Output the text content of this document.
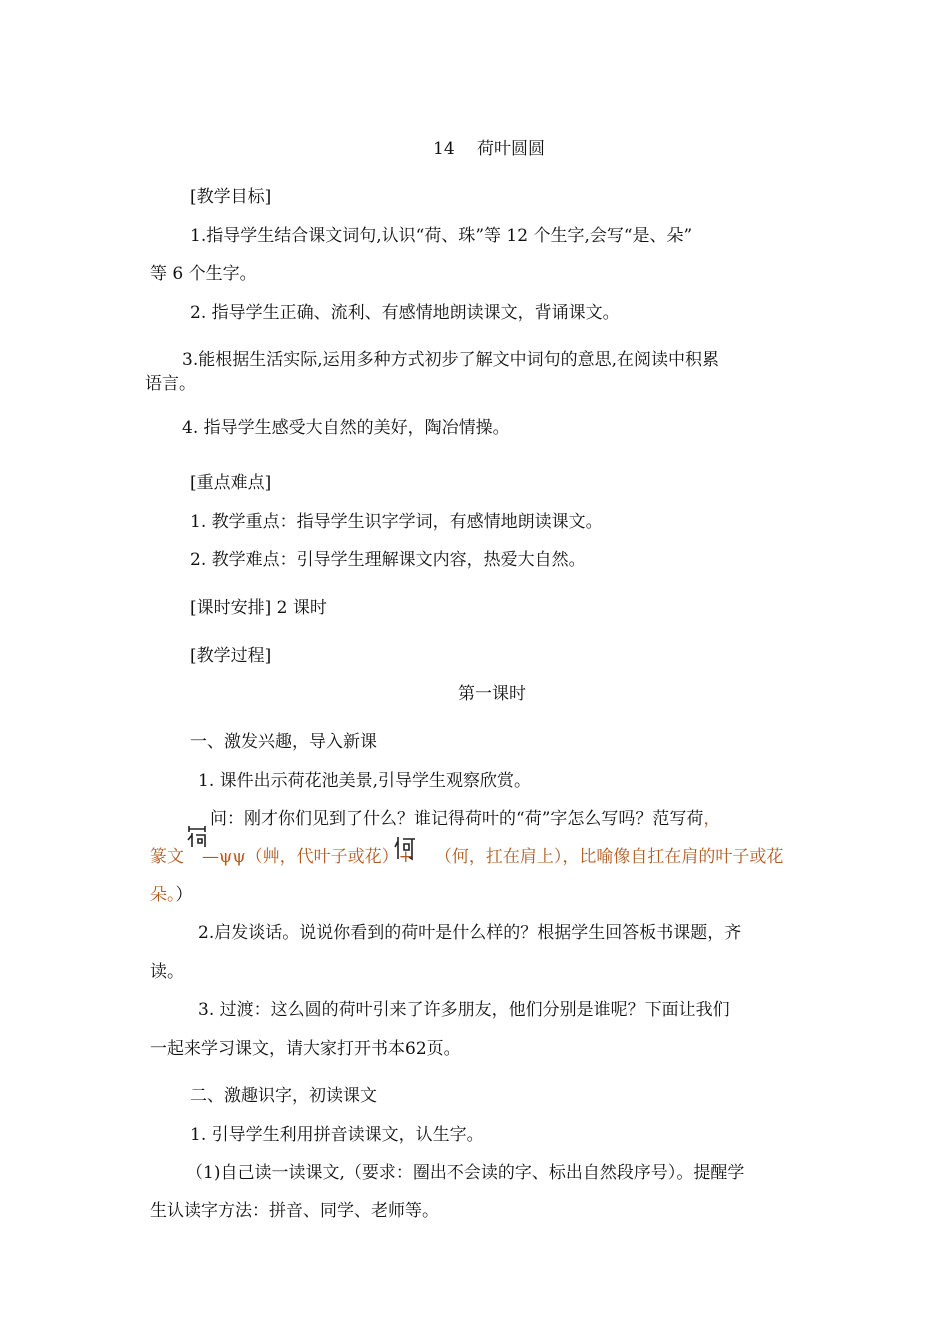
14　 荷叶圆圆
[教学目标]
1.指导学生结合课文词句,认识“荷、珠”等 12 个生字,会写“是、朵”
等 6 个生字。
2. 指导学生正确、流利、有感情地朗读课文，背诵课文。
3.能根据生活实际,运用多种方式初步了解文中词句的意思,在阅读中积累
语言。
4. 指导学生感受大自然的美好，陶冶情操。
[重点难点]
1. 教学重点：指导学生识字学词，有感情地朗读课文。
2. 教学难点：引导学生理解课文内容，热爱大自然。
[课时安排] 2 课时
[教学过程]
第一课时
一、激发兴趣，导入新课
1. 课件出示荷花池美景,引导学生观察欣赏。
问：刚才你们见到了什么？谁记得荷叶的“荷”字怎么写吗？范写荷，
篆文 —ψψ（艸，代叶子或花）+ （何，扛在肩上），比喻像自扛在肩的叶子或花
朵。）
2.启发谈话。说说你看到的荷叶是什么样的？根据学生回答板书课题，齐
读。
3. 过渡：这么圆的荷叶引来了许多朋友，他们分别是谁呢？下面让我们
一起来学习课文，请大家打开书本62页。
二、激趣识字，初读课文
1. 引导学生利用拼音读课文，认生字。
（1)自己读一读课文,（要求：圈出不会读的字、标出自然段序号）。提醒学
生认读字方法：拼音、同学、老师等。
